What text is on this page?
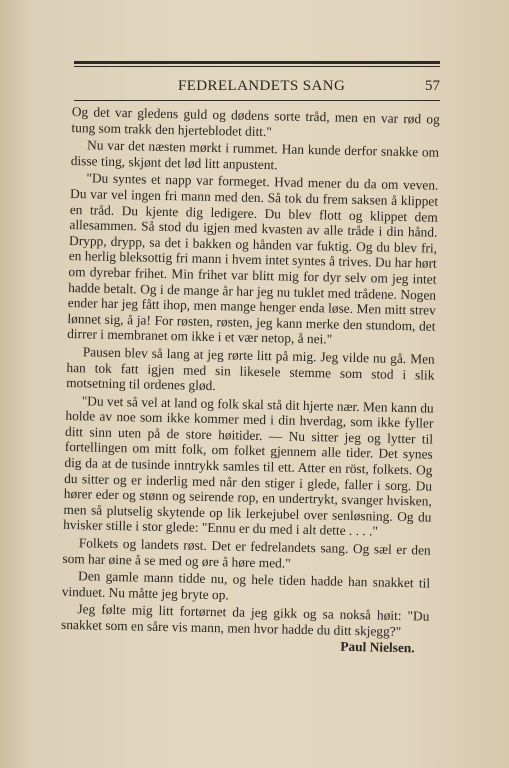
FEDRELANDETS SANG	57

Og det var gledens guld og dødens sorte tråd, men en var rød og tung som trakk den hjerteblodet ditt."

Nu var det næsten mørkt i rummet. Han kunde derfor snakke om disse ting, skjønt det lød litt anpustent.

"Du syntes et napp var formeget. Hvad mener du da om veven. Du var vel ingen fri mann med den. Så tok du frem saksen å klippet en tråd. Du kjente dig ledigere. Du blev flott og klippet dem allesammen. Så stod du igjen med kvasten av alle tråde i din hånd. Drypp, drypp, sa det i bakken og hånden var fuktig. Og du blev fri, en herlig bleksottig fri mann i hvem intet syntes å trives. Du har hørt om dyrebar frihet. Min frihet var blitt mig for dyr selv om jeg intet hadde betalt. Og i de mange år har jeg nu tuklet med trådene. Nogen ender har jeg fått ihop, men mange henger enda løse. Men mitt strev lønnet sig, å ja! For røsten, røsten, jeg kann merke den stundom, det dirrer i membranet om ikke i et vær netop, å nei."

Pausen blev så lang at jeg rørte litt på mig. Jeg vilde nu gå. Men han tok fatt igjen med sin likesele stemme som stod i slik motsetning til ordenes glød.

"Du vet så vel at land og folk skal stå dit hjerte nær. Men kann du holde av noe som ikke kommer med i din hverdag, som ikke fyller ditt sinn uten på de store høitider. — Nu sitter jeg og lytter til fortellingen om mitt folk, om folket gjennem alle tider. Det synes dig da at de tusinde inntrykk samles til ett. Atter en röst, folkets. Og du sitter og er inderlig med når den stiger i glede, faller i sorg. Du hører eder og stønn og seirende rop, en undertrykt, svanger hvisken, men så plutselig skytende op lik lerkejubel over senløsning. Og du hvisker stille i stor glede: "Ennu er du med i alt dette . . . ."

Folkets og landets røst. Det er fedrelandets sang. Og sæl er den som har øine å se med og øre å høre med."

Den gamle mann tidde nu, og hele tiden hadde han snakket til vinduet. Nu måtte jeg bryte op.

Jeg følte mig litt fortørnet da jeg gikk og sa nokså høit: "Du snakket som en såre vis mann, men hvor hadde du ditt skjegg?"
Paul Nielsen.
